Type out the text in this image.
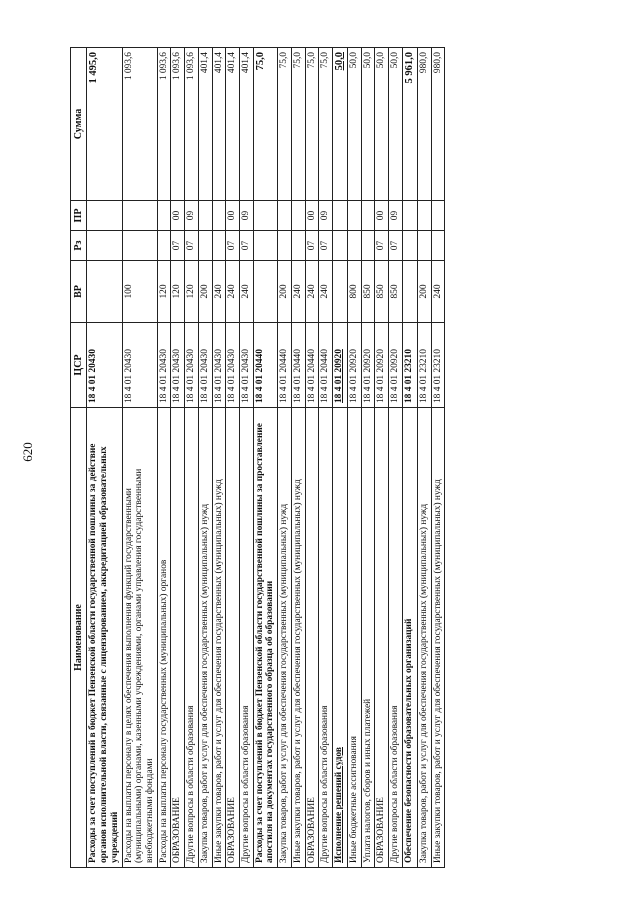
620
Наименование	ЦСР	ВР	Рз	ПР	Сумма
Расходы за счет поступлений в бюджет Пензенской области государственной пошлины за действие органов исполнительной власти, связанные с лицензированием, аккредитацией образовательных учреждений	18 4 01 20430				1 495,0
Расходы на выплаты персоналу в целях обеспечения выполнения функций государственными (муниципальными) органами, казенными учреждениями, органами управления государственными внебюджетными фондами	18 4 01 20430	100			1 093,6
Расходы на выплаты персоналу государственных (муниципальных) органов	18 4 01 20430	120			1 093,6
ОБРАЗОВАНИЕ	18 4 01 20430	120	07	00	1 093,6
Другие вопросы в области образования	18 4 01 20430	120	07	09	1 093,6
Закупка товаров, работ и услуг для обеспечения государственных (муниципальных) нужд	18 4 01 20430	200			401,4
Иные закупки товаров, работ и услуг для обеспечения государственных (муниципальных) нужд	18 4 01 20430	240			401,4
ОБРАЗОВАНИЕ	18 4 01 20430	240	07	00	401,4
Другие вопросы в области образования	18 4 01 20430	240	07	09	401,4
Расходы за счет поступлений в бюджет Пензенской области государственной пошлины за проставление апостиля на документах государственного образца об образовании	18 4 01 20440				75,0
Закупка товаров, работ и услуг для обеспечения государственных (муниципальных) нужд	18 4 01 20440	200			75,0
Иные закупки товаров, работ и услуг для обеспечения государственных (муниципальных) нужд	18 4 01 20440	240			75,0
ОБРАЗОВАНИЕ	18 4 01 20440	240	07	00	75,0
Другие вопросы в области образования	18 4 01 20440	240	07	09	75,0
Исполнение решений судов	18 4 01 20920				50,0
Иные бюджетные ассигнования	18 4 01 20920	800			50,0
Уплата налогов, сборов и иных платежей	18 4 01 20920	850			50,0
ОБРАЗОВАНИЕ	18 4 01 20920	850	07	00	50,0
Другие вопросы в области образования	18 4 01 20920	850	07	09	50,0
Обеспечение безопасности образовательных организаций	18 4 01 23210				5 961,0
Закупка товаров, работ и услуг для обеспечения государственных (муниципальных) нужд	18 4 01 23210	200			980,0
Иные закупки товаров, работ и услуг для обеспечения государственных (муниципальных) нужд	18 4 01 23210	240			980,0
